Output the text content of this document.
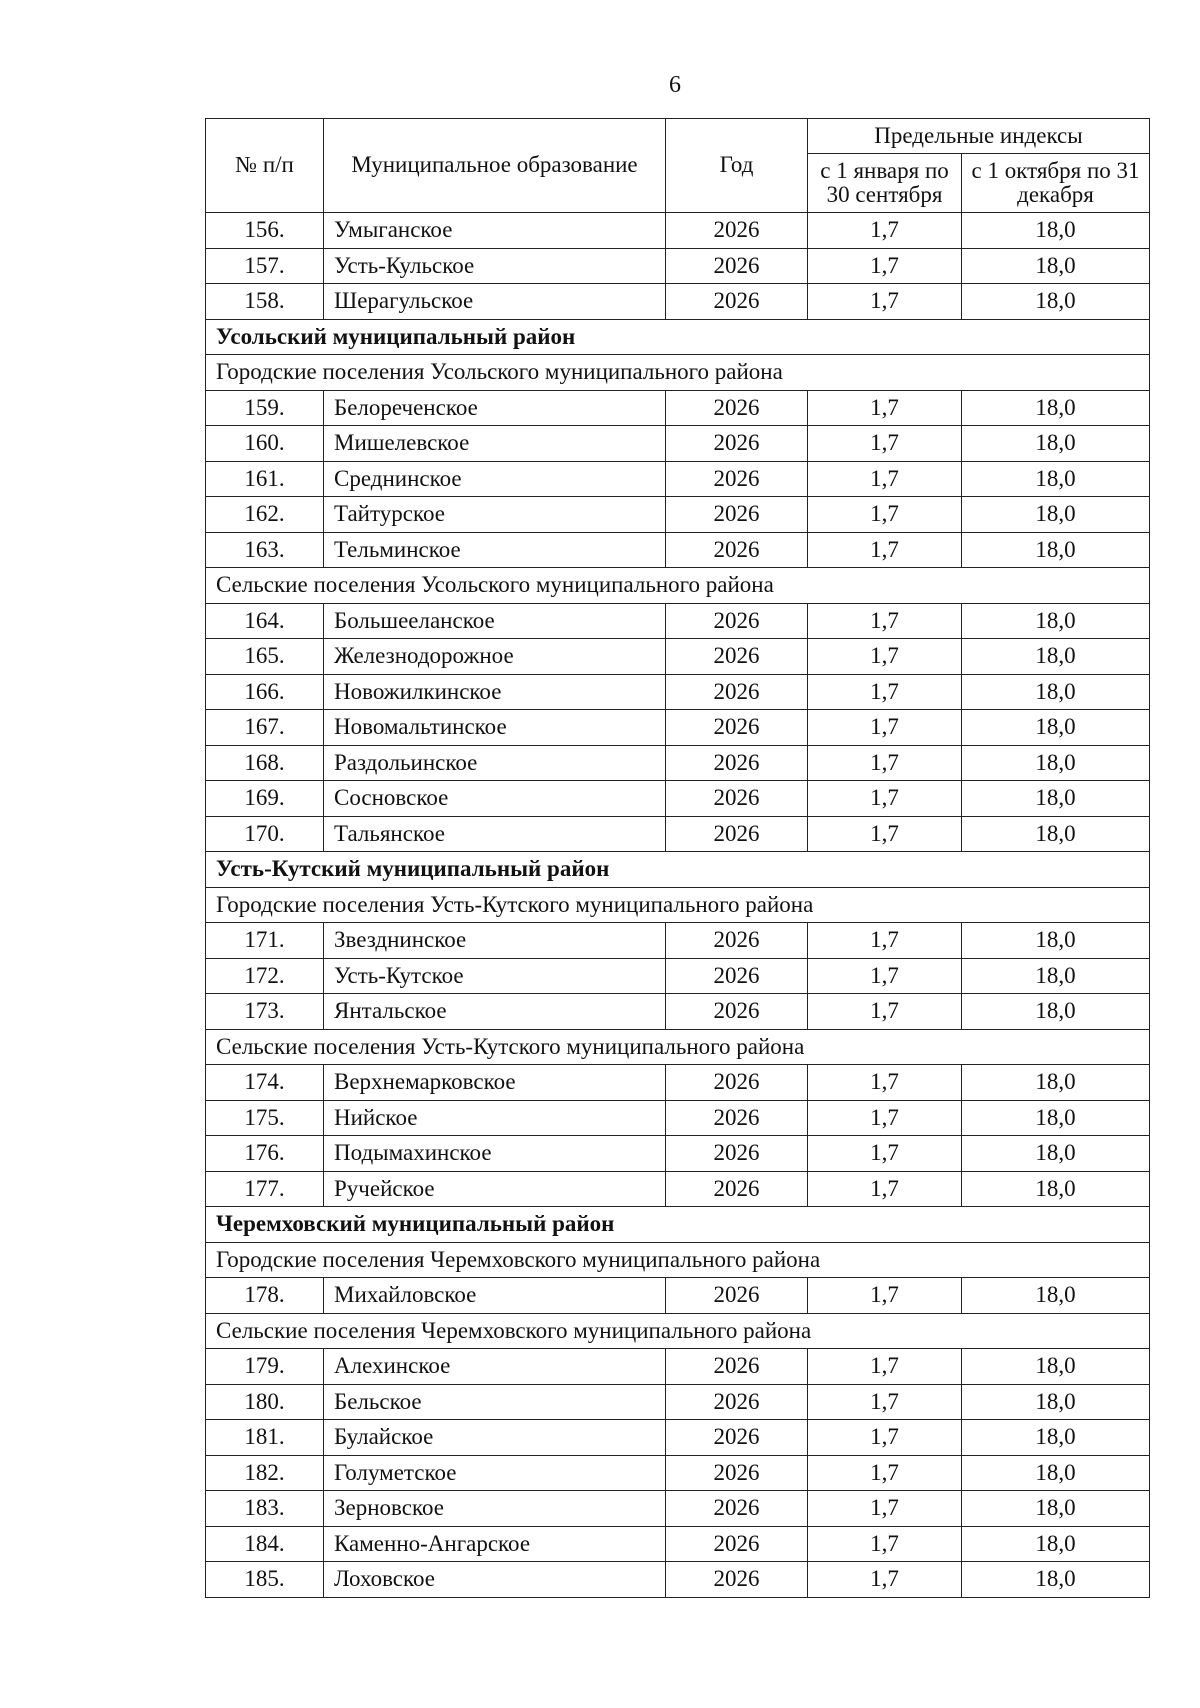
6
№ п/п	Муниципальное образование	Год	Предельные индексы	
			с 1 января по 30 сентября	с 1 октября по 31 декабря
156.	Умыганское	2026	1,7	18,0
157.	Усть-Кульское	2026	1,7	18,0
158.	Шерагульское	2026	1,7	18,0
Усольский муниципальный район				
Городские поселения Усольского муниципального района				
159.	Белореченское	2026	1,7	18,0
160.	Мишелевское	2026	1,7	18,0
161.	Среднинское	2026	1,7	18,0
162.	Тайтурское	2026	1,7	18,0
163.	Тельминское	2026	1,7	18,0
Сельские поселения Усольского муниципального района				
164.	Большееланское	2026	1,7	18,0
165.	Железнодорожное	2026	1,7	18,0
166.	Новожилкинское	2026	1,7	18,0
167.	Новомальтинское	2026	1,7	18,0
168.	Раздольинское	2026	1,7	18,0
169.	Сосновское	2026	1,7	18,0
170.	Тальянское	2026	1,7	18,0
Усть-Кутский муниципальный район				
Городские поселения Усть-Кутского муниципального района				
171.	Звезднинское	2026	1,7	18,0
172.	Усть-Кутское	2026	1,7	18,0
173.	Янтальское	2026	1,7	18,0
Сельские поселения Усть-Кутского муниципального района				
174.	Верхнемарковское	2026	1,7	18,0
175.	Нийское	2026	1,7	18,0
176.	Подымахинское	2026	1,7	18,0
177.	Ручейское	2026	1,7	18,0
Черемховский муниципальный район				
Городские поселения Черемховского муниципального района				
178.	Михайловское	2026	1,7	18,0
Сельские поселения Черемховского муниципального района				
179.	Алехинское	2026	1,7	18,0
180.	Бельское	2026	1,7	18,0
181.	Булайское	2026	1,7	18,0
182.	Голуметское	2026	1,7	18,0
183.	Зерновское	2026	1,7	18,0
184.	Каменно-Ангарское	2026	1,7	18,0
185.	Лоховское	2026	1,7	18,0
